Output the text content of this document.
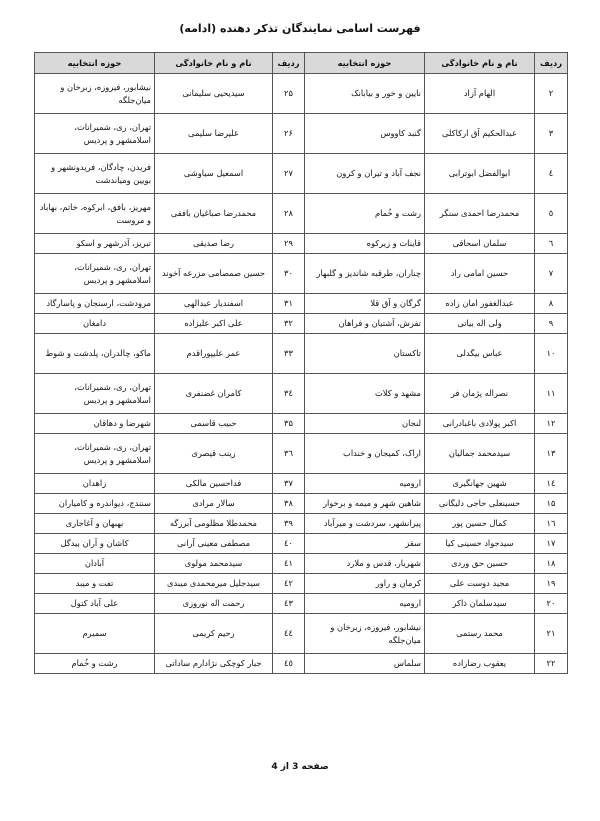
فهرست اسامی نمایندگان تذکر دهنده (ادامه)
ردیف	نام و نام خانوادگی	حوزه انتخابیه	ردیف	نام و نام خانوادگی	حوزه انتخابیه
۲	الهام آزاد	نایین و خور و بیابانک	۲۵	سیدیحیی سلیمانی	نیشابور، فیروزه، زبرخان و میان‌جلگه
۳	عبدالحکیم آق ارکاکلی	گنبد کاووس	۲۶	علیرضا سلیمی	تهران، ری، شمیرانات، اسلامشهر و پردیس
٤	ابوالفضل ابوترابی	نجف آباد و تیران و کرون	۲۷	اسمعیل سیاوشی	فریدن، چادگان، فریدونشهر و بویین ومیاندشت
٥	محمدرضا احمدی سنگر	رشت و خُمام	۲۸	محمدرضا صباغیان بافقی	مهریز، بافق، ابرکوه، خاتم، بهاباد و مروست
٦	سلمان اسحاقی	قاینات و زیرکوه	۲۹	رضا صدیقی	تبریز، آذرشهر و اسکو
۷	حسین امامی راد	چناران، طرقبه شاندیز و گلبهار	۳۰	حسین صمصامی مزرعه آخوند	تهران، ری، شمیرانات، اسلامشهر و پردیس
۸	عبدالغفور امان زاده	گرگان و آق قلا	۳۱	اسفندیار عبدالهی	مرودشت، ارسنجان و پاسارگاد
۹	ولی اله بیاتی	تفرش، آشتیان و فراهان	۳۲	علی اکبر علیزاده	دامغان
۱۰	عباس بیگدلی	تاکستان	۳۳	عمر علیپوراقدم	ماکو، چالدران، پلدشت و شوط
۱۱	نصراله پژمان فر	مشهد و کلات	۳٤	کامران غضنفری	تهران، ری، شمیرانات، اسلامشهر و پردیس
۱۲	اکبر پولادی باغبادرانی	لنجان	۳۵	حبیب قاسمی	شهرضا و دهاقان
۱۳	سیدمحمد جمالیان	اراک، کمیجان و خنداب	۳٦	زینب قیصری	تهران، ری، شمیرانات، اسلامشهر و پردیس
۱٤	شهین جهانگیری	ارومیه	۳۷	فداحسین مالکی	زاهدان
۱۵	حسینعلی حاجی دلیگانی	شاهین شهر و میمه و برخوار	۳۸	سالار مرادی	سنندج، دیواندره و کامیاران
۱٦	کمال حسین پور	پیرانشهر، سردشت و میرآباد	۳۹	محمدطلا مظلومی آبرزگه	بهبهان و آغاجاری
۱۷	سیدجواد حسینی کیا	سقز	٤۰	مصطفی معینی آرانی	کاشان و آران بیدگل
۱۸	حسین حق وردی	شهریار، قدس و ملارد	٤۱	سیدمحمد مولوی	آبادان
۱۹	مجید دوست علی	کرمان و راور	٤۲	سیدجلیل میرمحمدی میبدی	تفت و میبد
۲۰	سیدسلمان ذاکر	ارومیه	٤۳	رحمت اله نوروزی	علی آباد کتول
۲۱	محمد رستمی	نیشابور، فیروزه، زبرخان و میان‌جلگه	٤٤	رحیم کریمی	سمیرم
۲۲	یعقوب رضازاده	سلماس	٤٥	جبار کوچکی نژادارم ساداتی	رشت و خُمام
صفحه 3 از 4
